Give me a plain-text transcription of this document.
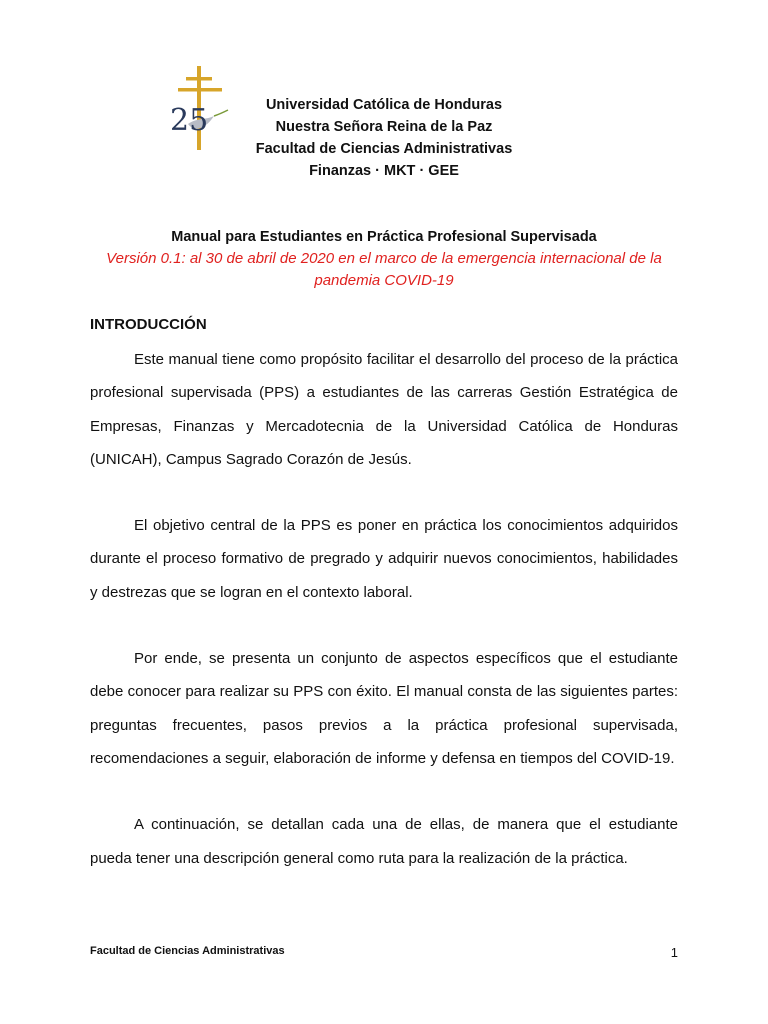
25	Universidad Católica de Honduras
Nuestra Señora Reina de la Paz
Facultad de Ciencias Administrativas
Finanzas · MKT · GEE
Manual para Estudiantes en Práctica Profesional Supervisada
Versión 0.1: al 30 de abril de 2020 en el marco de la emergencia internacional de la pandemia COVID-19
INTRODUCCIÓN

Este manual tiene como propósito facilitar el desarrollo del proceso de la práctica profesional supervisada (PPS) a estudiantes de las carreras Gestión Estratégica de Empresas, Finanzas y Mercadotecnia de la Universidad Católica de Honduras (UNICAH), Campus Sagrado Corazón de Jesús.

El objetivo central de la PPS es poner en práctica los conocimientos adquiridos durante el proceso formativo de pregrado y adquirir nuevos conocimientos, habilidades y destrezas que se logran en el contexto laboral.

Por ende, se presenta un conjunto de aspectos específicos que el estudiante debe conocer para realizar su PPS con éxito. El manual consta de las siguientes partes: preguntas frecuentes, pasos previos a la práctica profesional supervisada, recomendaciones a seguir, elaboración de informe y defensa en tiempos del COVID-19.

A continuación, se detallan cada una de ellas, de manera que el estudiante pueda tener una descripción general como ruta para la realización de la práctica.

Facultad de Ciencias Administrativas	1
